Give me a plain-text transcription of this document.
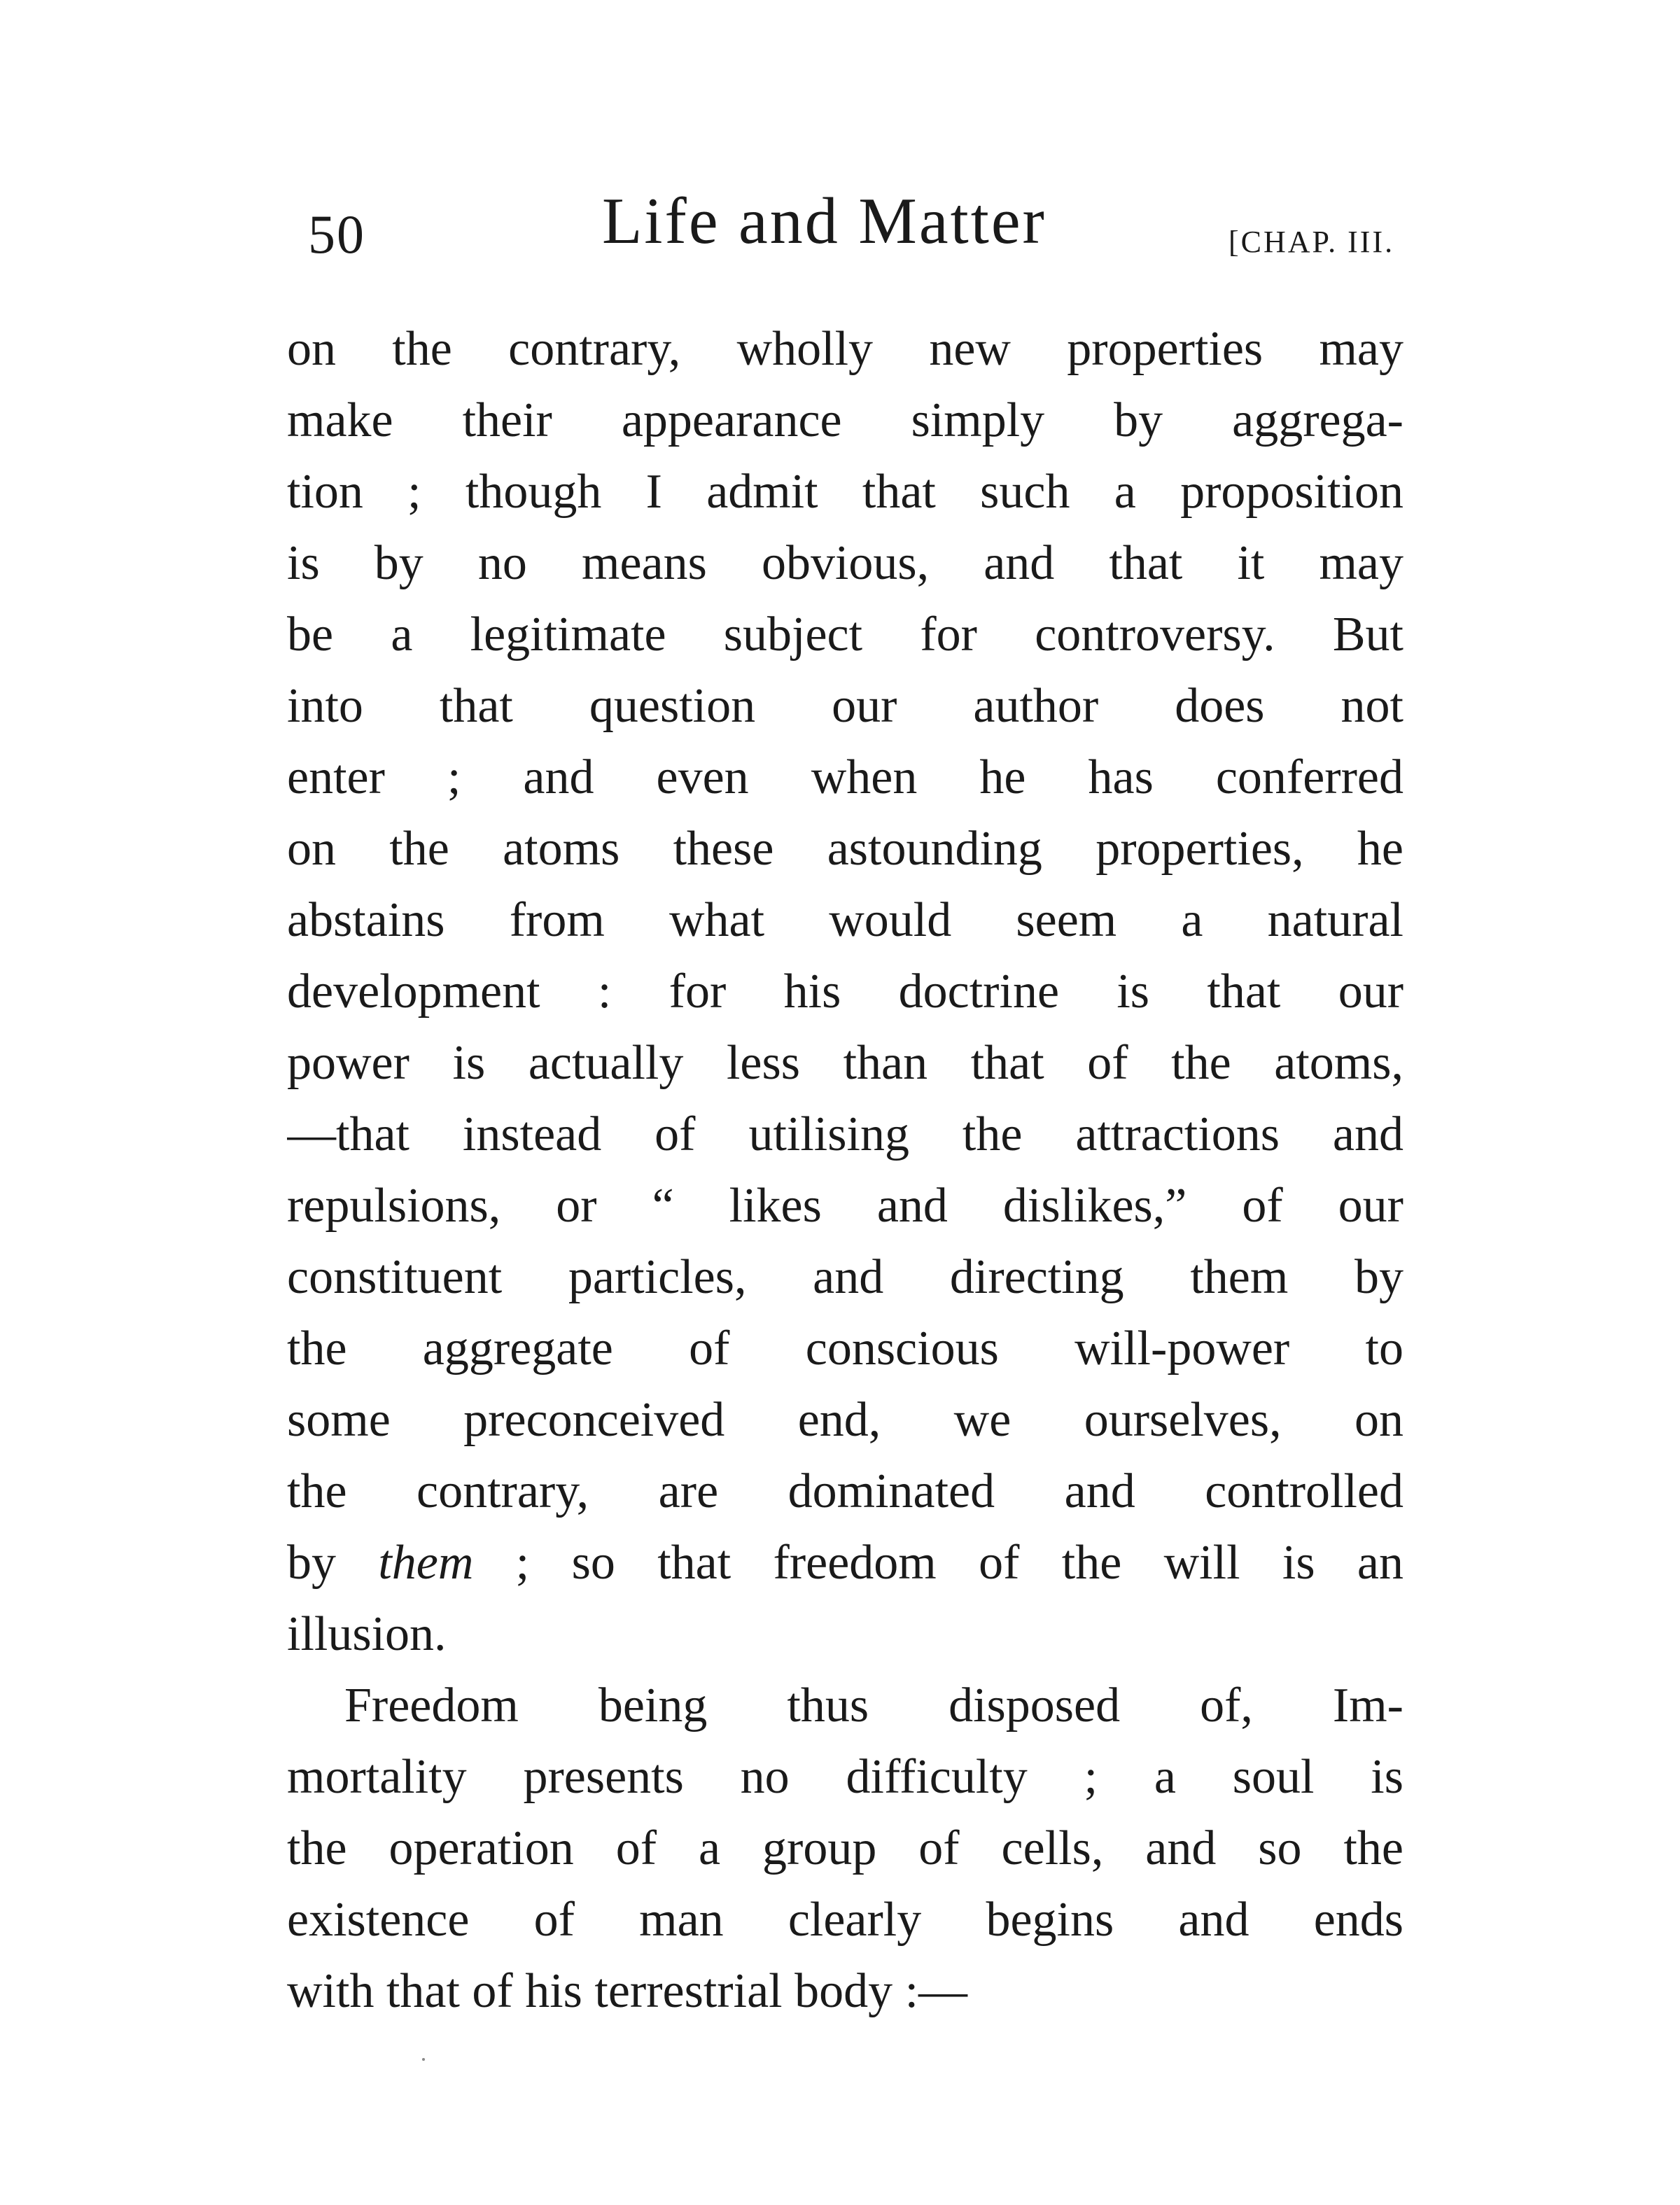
50	Life and Matter	[CHAP. III.
on the contrary, wholly new properties may
make their appearance simply by aggrega-
tion ; though I admit that such a proposition
is by no means obvious, and that it may
be a legitimate subject for controversy. But
into that question our author does not
enter ; and even when he has conferred
on the atoms these astounding properties, he
abstains from what would seem a natural
development : for his doctrine is that our
power is actually less than that of the atoms,
—that instead of utilising the attractions and
repulsions, or “ likes and dislikes,” of our
constituent particles, and directing them by
the aggregate of conscious will-power to
some preconceived end, we ourselves, on
the contrary, are dominated and controlled
by them ; so that freedom of the will is an
illusion.
Freedom being thus disposed of, Im-
mortality presents no difficulty ; a soul is
the operation of a group of cells, and so the
existence of man clearly begins and ends
with that of his terrestrial body :—
